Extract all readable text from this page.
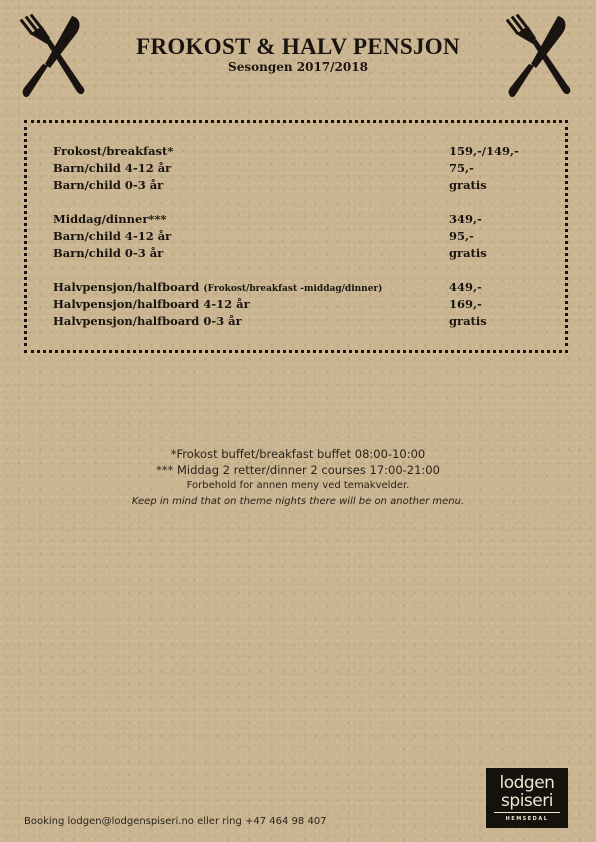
FROKOST & HALV PENSJON
Sesongen 2017/2018
Frokost/breakfast*	159,-/149,-
Barn/child 4-12 år	75,-
Barn/child 0-3 år	gratis
Middag/dinner***	349,-
Barn/child 4-12 år	95,-
Barn/child 0-3 år	gratis
Halvpensjon/halfboard (Frokost/breakfast -middag/dinner)	449,-
Halvpensjon/halfboard 4-12 år	169,-
Halvpensjon/halfboard 0-3 år	gratis
*Frokost buffet/breakfast buffet 08:00-10:00
*** Middag 2 retter/dinner 2 courses 17:00-21:00
Forbehold for annen meny ved temakvelder.
Keep in mind that on theme nights there will be on another menu.
Booking lodgen@lodgenspiseri.no eller ring +47 464 98 407
lodgen
spiseri
HEMSEDAL
